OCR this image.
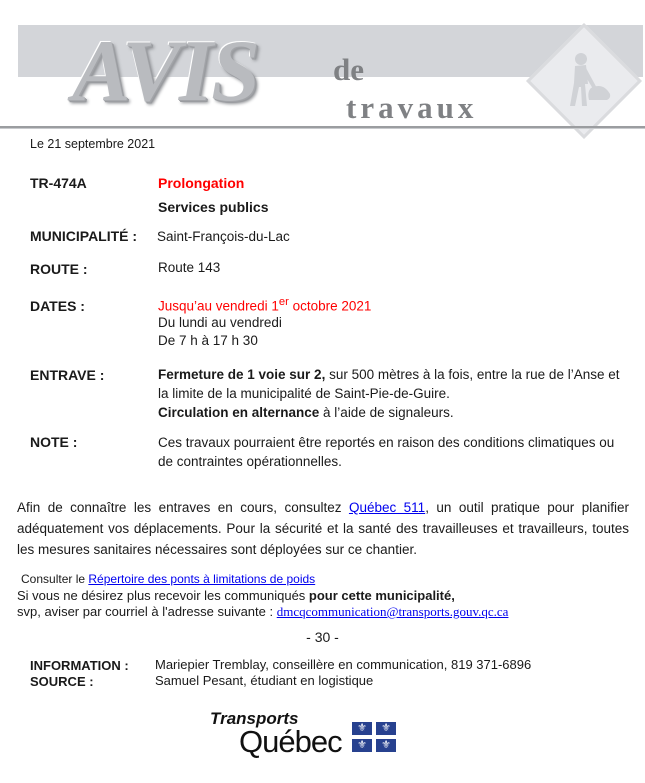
AVIS de
travaux
Le 21 septembre 2021
TR-474A	Prolongation
Services publics
MUNICIPALITÉ : Saint-François-du-Lac
ROUTE :	Route 143
DATES :	Jusqu’au vendredi 1er octobre 2021
Du lundi au vendredi
De 7 h à 17 h 30
ENTRAVE :	Fermeture de 1 voie sur 2, sur 500 mètres à la fois, entre la rue de l’Anse et la limite de la municipalité de Saint-Pie-de-Guire.
Circulation en alternance à l’aide de signaleurs.
NOTE :	Ces travaux pourraient être reportés en raison des conditions climatiques ou de contraintes opérationnelles.
Afin de connaître les entraves en cours, consultez Québec 511, un outil pratique pour planifier adéquatement vos déplacements. Pour la sécurité et la santé des travailleuses et travailleurs, toutes les mesures sanitaires nécessaires sont déployées sur ce chantier.
Consulter le Répertoire des ponts à limitations de poids
Si vous ne désirez plus recevoir les communiqués pour cette municipalité,
svp, aviser par courriel à l'adresse suivante : dmcqcommunication@transports.gouv.qc.ca
- 30 -
INFORMATION : Mariepier Tremblay, conseillère en communication, 819 371-6896
SOURCE :	Samuel Pesant, étudiant en logistique
Transports
Québec	⚜	⚜
⚜	⚜
